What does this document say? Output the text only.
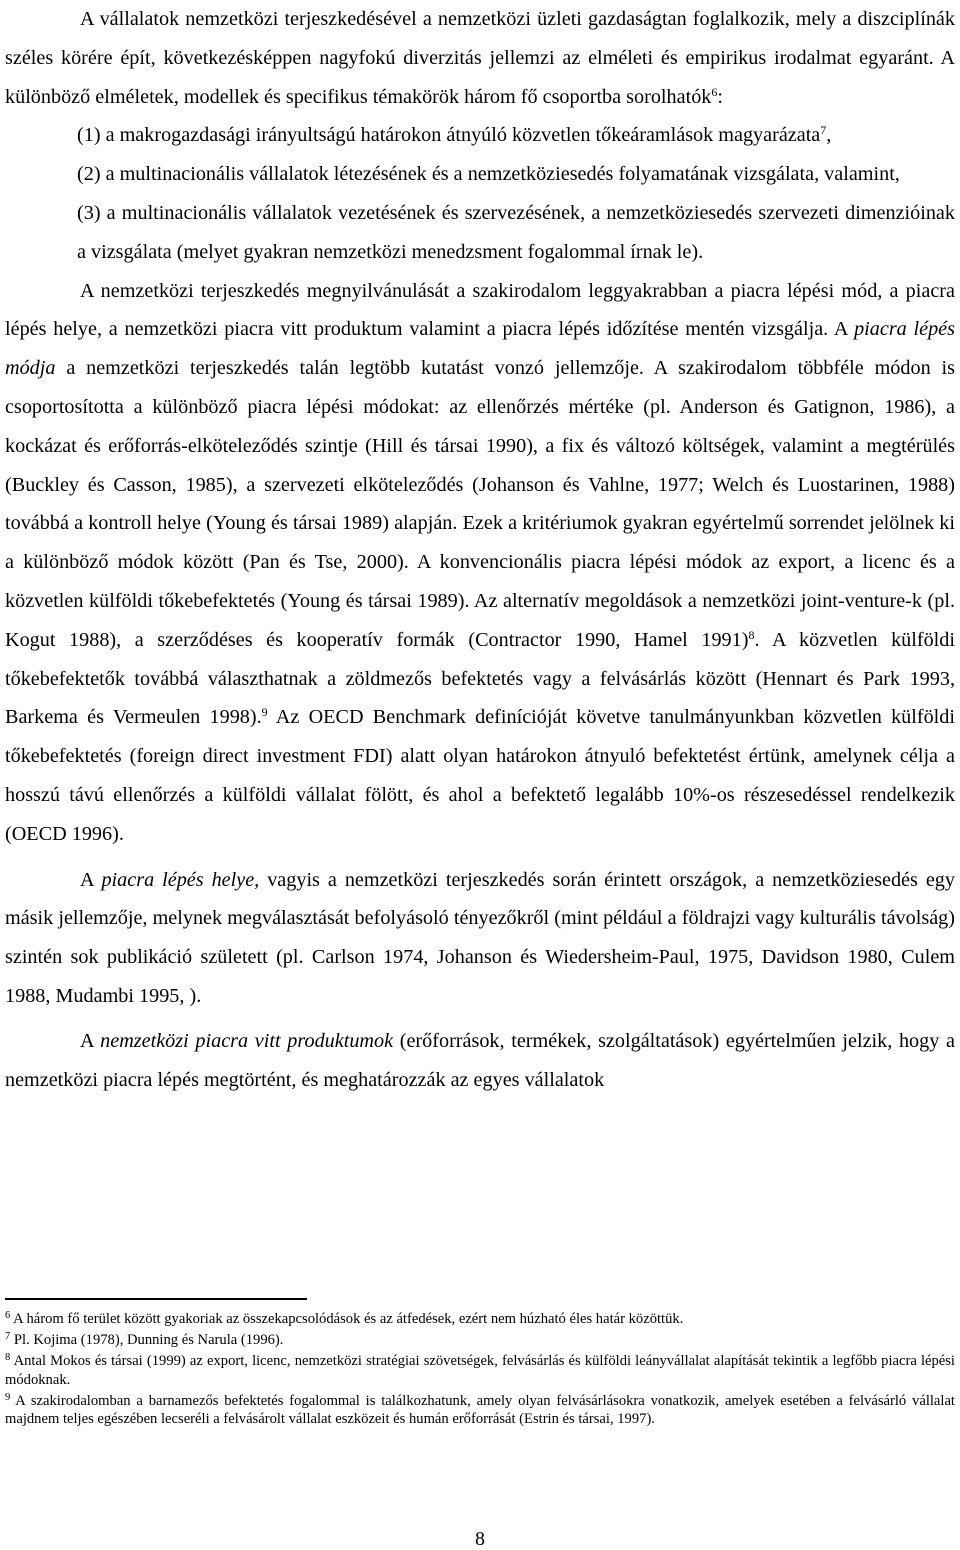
A vállalatok nemzetközi terjeszkedésével a nemzetközi üzleti gazdaságtan foglalkozik, mely a diszciplínák széles körére épít, következésképpen nagyfokú diverzitás jellemzi az elméleti és empirikus irodalmat egyaránt. A különböző elméletek, modellek és specifikus témakörök három fő csoportba sorolhatók$^6$:

(1) a makrogazdasági irányultságú határokon átnyúló közvetlen tőkeáramlások magyarázata$^7$,
(2) a multinacionális vállalatok létezésének és a nemzetköziesedés folyamatának vizsgálata, valamint,
(3) a multinacionális vállalatok vezetésének és szervezésének, a nemzetköziesedés szervezeti dimenzióinak a vizsgálata (melyet gyakran nemzetközi menedzsment fogalommal írnak le).

A nemzetközi terjeszkedés megnyilvánulását a szakirodalom leggyakrabban a piacra lépési mód, a piacra lépés helye, a nemzetközi piacra vitt produktum valamint a piacra lépés időzítése mentén vizsgálja. A piacra lépés módja a nemzetközi terjeszkedés talán legtöbb kutatást vonzó jellemzője. A szakirodalom többféle módon is csoportosította a különböző piacra lépési módokat: az ellenőrzés mértéke (pl. Anderson és Gatignon, 1986), a kockázat és erőforrás-elköteleződés szintje (Hill és társai 1990), a fix és változó költségek, valamint a megtérülés (Buckley és Casson, 1985), a szervezeti elköteleződés (Johanson és Vahlne, 1977; Welch és Luostarinen, 1988) továbbá a kontroll helye (Young és társai 1989) alapján. Ezek a kritériumok gyakran egyértelmű sorrendet jelölnek ki a különböző módok között (Pan és Tse, 2000). A konvencionális piacra lépési módok az export, a licenc és a közvetlen külföldi tőkebefektetés (Young és társai 1989). Az alternatív megoldások a nemzetközi joint-venture-k (pl. Kogut 1988), a szerződéses és kooperatív formák (Contractor 1990, Hamel 1991)$^8$. A közvetlen külföldi tőkebefektetők továbbá választhatnak a zöldmezős befektetés vagy a felvásárlás között (Hennart és Park 1993, Barkema és Vermeulen 1998).$^9$ Az OECD Benchmark definícióját követve tanulmányunkban közvetlen külföldi tőkebefektetés (foreign direct investment FDI) alatt olyan határokon átnyuló befektetést értünk, amelynek célja a hosszú távú ellenőrzés a külföldi vállalat fölött, és ahol a befektető legalább 10%-os részesedéssel rendelkezik (OECD 1996).

A piacra lépés helye, vagyis a nemzetközi terjeszkedés során érintett országok, a nemzetköziesedés egy másik jellemzője, melynek megválasztását befolyásoló tényezőkről (mint például a földrajzi vagy kulturális távolság) szintén sok publikáció született (pl. Carlson 1974, Johanson és Wiedersheim-Paul, 1975, Davidson 1980, Culem 1988, Mudambi 1995, ).

A nemzetközi piacra vitt produktumok (erőforrások, termékek, szolgáltatások) egyértelműen jelzik, hogy a nemzetközi piacra lépés megtörtént, és meghatározzák az egyes vállalatok

$^6$ A három fő terület között gyakoriak az összekapcsolódások és az átfedések, ezért nem húzható éles határ közöttük.
$^7$ Pl. Kojima (1978), Dunning és Narula (1996).
$^8$ Antal Mokos és társai (1999) az export, licenc, nemzetközi stratégiai szövetségek, felvásárlás és külföldi leányvállalat alapítását tekintik a legfőbb piacra lépési módoknak.
$^9$ A szakirodalomban a barnamezős befektetés fogalommal is találkozhatunk, amely olyan felvásárlásokra vonatkozik, amelyek esetében a felvásárló vállalat majdnem teljes egészében lecseréli a felvásárolt vállalat eszközeit és humán erőforrását (Estrin és társai, 1997).
8
